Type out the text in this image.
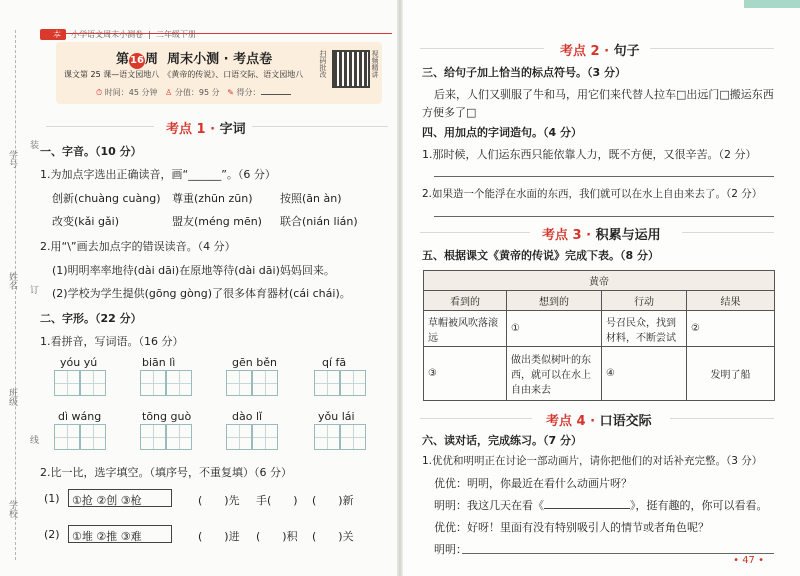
学号
姓名
班级
学校
装
订
线
一本 小学语文周末小测卷 | 二年级下册
第16周 周末小测 · 考点卷
课文第 25 课—语文园地八　《黄帝的传说》、口语交际、语文园地八
⏱ 时间：45 分钟 ♙ 分值：95 分 ✎ 得分：
扫码批改	视频精讲
考点 1 · 字词
一、字音。（10 分）
1.为加点字选出正确读音，画“______”。（6 分）
创新(chuàng cuàng) 尊重(zhūn zūn)	按照(ān àn)
改变(kǎi gǎi)	盟友(méng mēn) 联合(nián lián)
2.用“\”画去加点字的错误读音。（4 分）
(1)明明率率地待(dài dāi)在原地等待(dài dāi)妈妈回来。
(2)学校为学生提供(gōng gòng)了很多体育器材(cái chái)。
二、字形。（22 分）
1.看拼音，写词语。（16 分）
yóu yú	biān lì	gēn běn	qí fā
dì wáng	tōng guò	dào lǐ	yǒu lái
2.比一比，选字填空。（填序号，不重复填）（6 分）
(1) ①抢 ②创 ③枪	(　　)先 手(　　) (　　)新
(2) ①堆 ②推 ③难	(　　)进 (　　)积 (　　)关
考点 2 · 句子
三、给句子加上恰当的标点符号。（3 分）
后来，人们又驯服了牛和马，用它们来代替人拉车□出远门□搬运东西
方便多了□
四、用加点的字词造句。（4 分）
1.那时候，人们运东西只能依靠人力，既不方便，又很辛苦。（2 分）
2.如果造一个能浮在水面的东西，我们就可以在水上自由来去了。（2 分）
考点 3 · 积累与运用
五、根据课文《黄帝的传说》完成下表。（8 分）
黄帝			
看到的	想到的	行动	结果
草帽被风吹落滚远	①	号召民众，找到材料，不断尝试	②
③	做出类似树叶的东西，就可以在水上自由来去	④	发明了船
考点 4 · 口语交际
六、读对话，完成练习。（7 分）
1.优优和明明正在讨论一部动画片，请你把他们的对话补充完整。（3 分）
优优：明明，你最近在看什么动画片呀？
明明：我这几天在看《	》，挺有趣的，你可以看看。
优优：好呀！里面有没有特别吸引人的情节或者角色呢？
明明：
• 47 •
